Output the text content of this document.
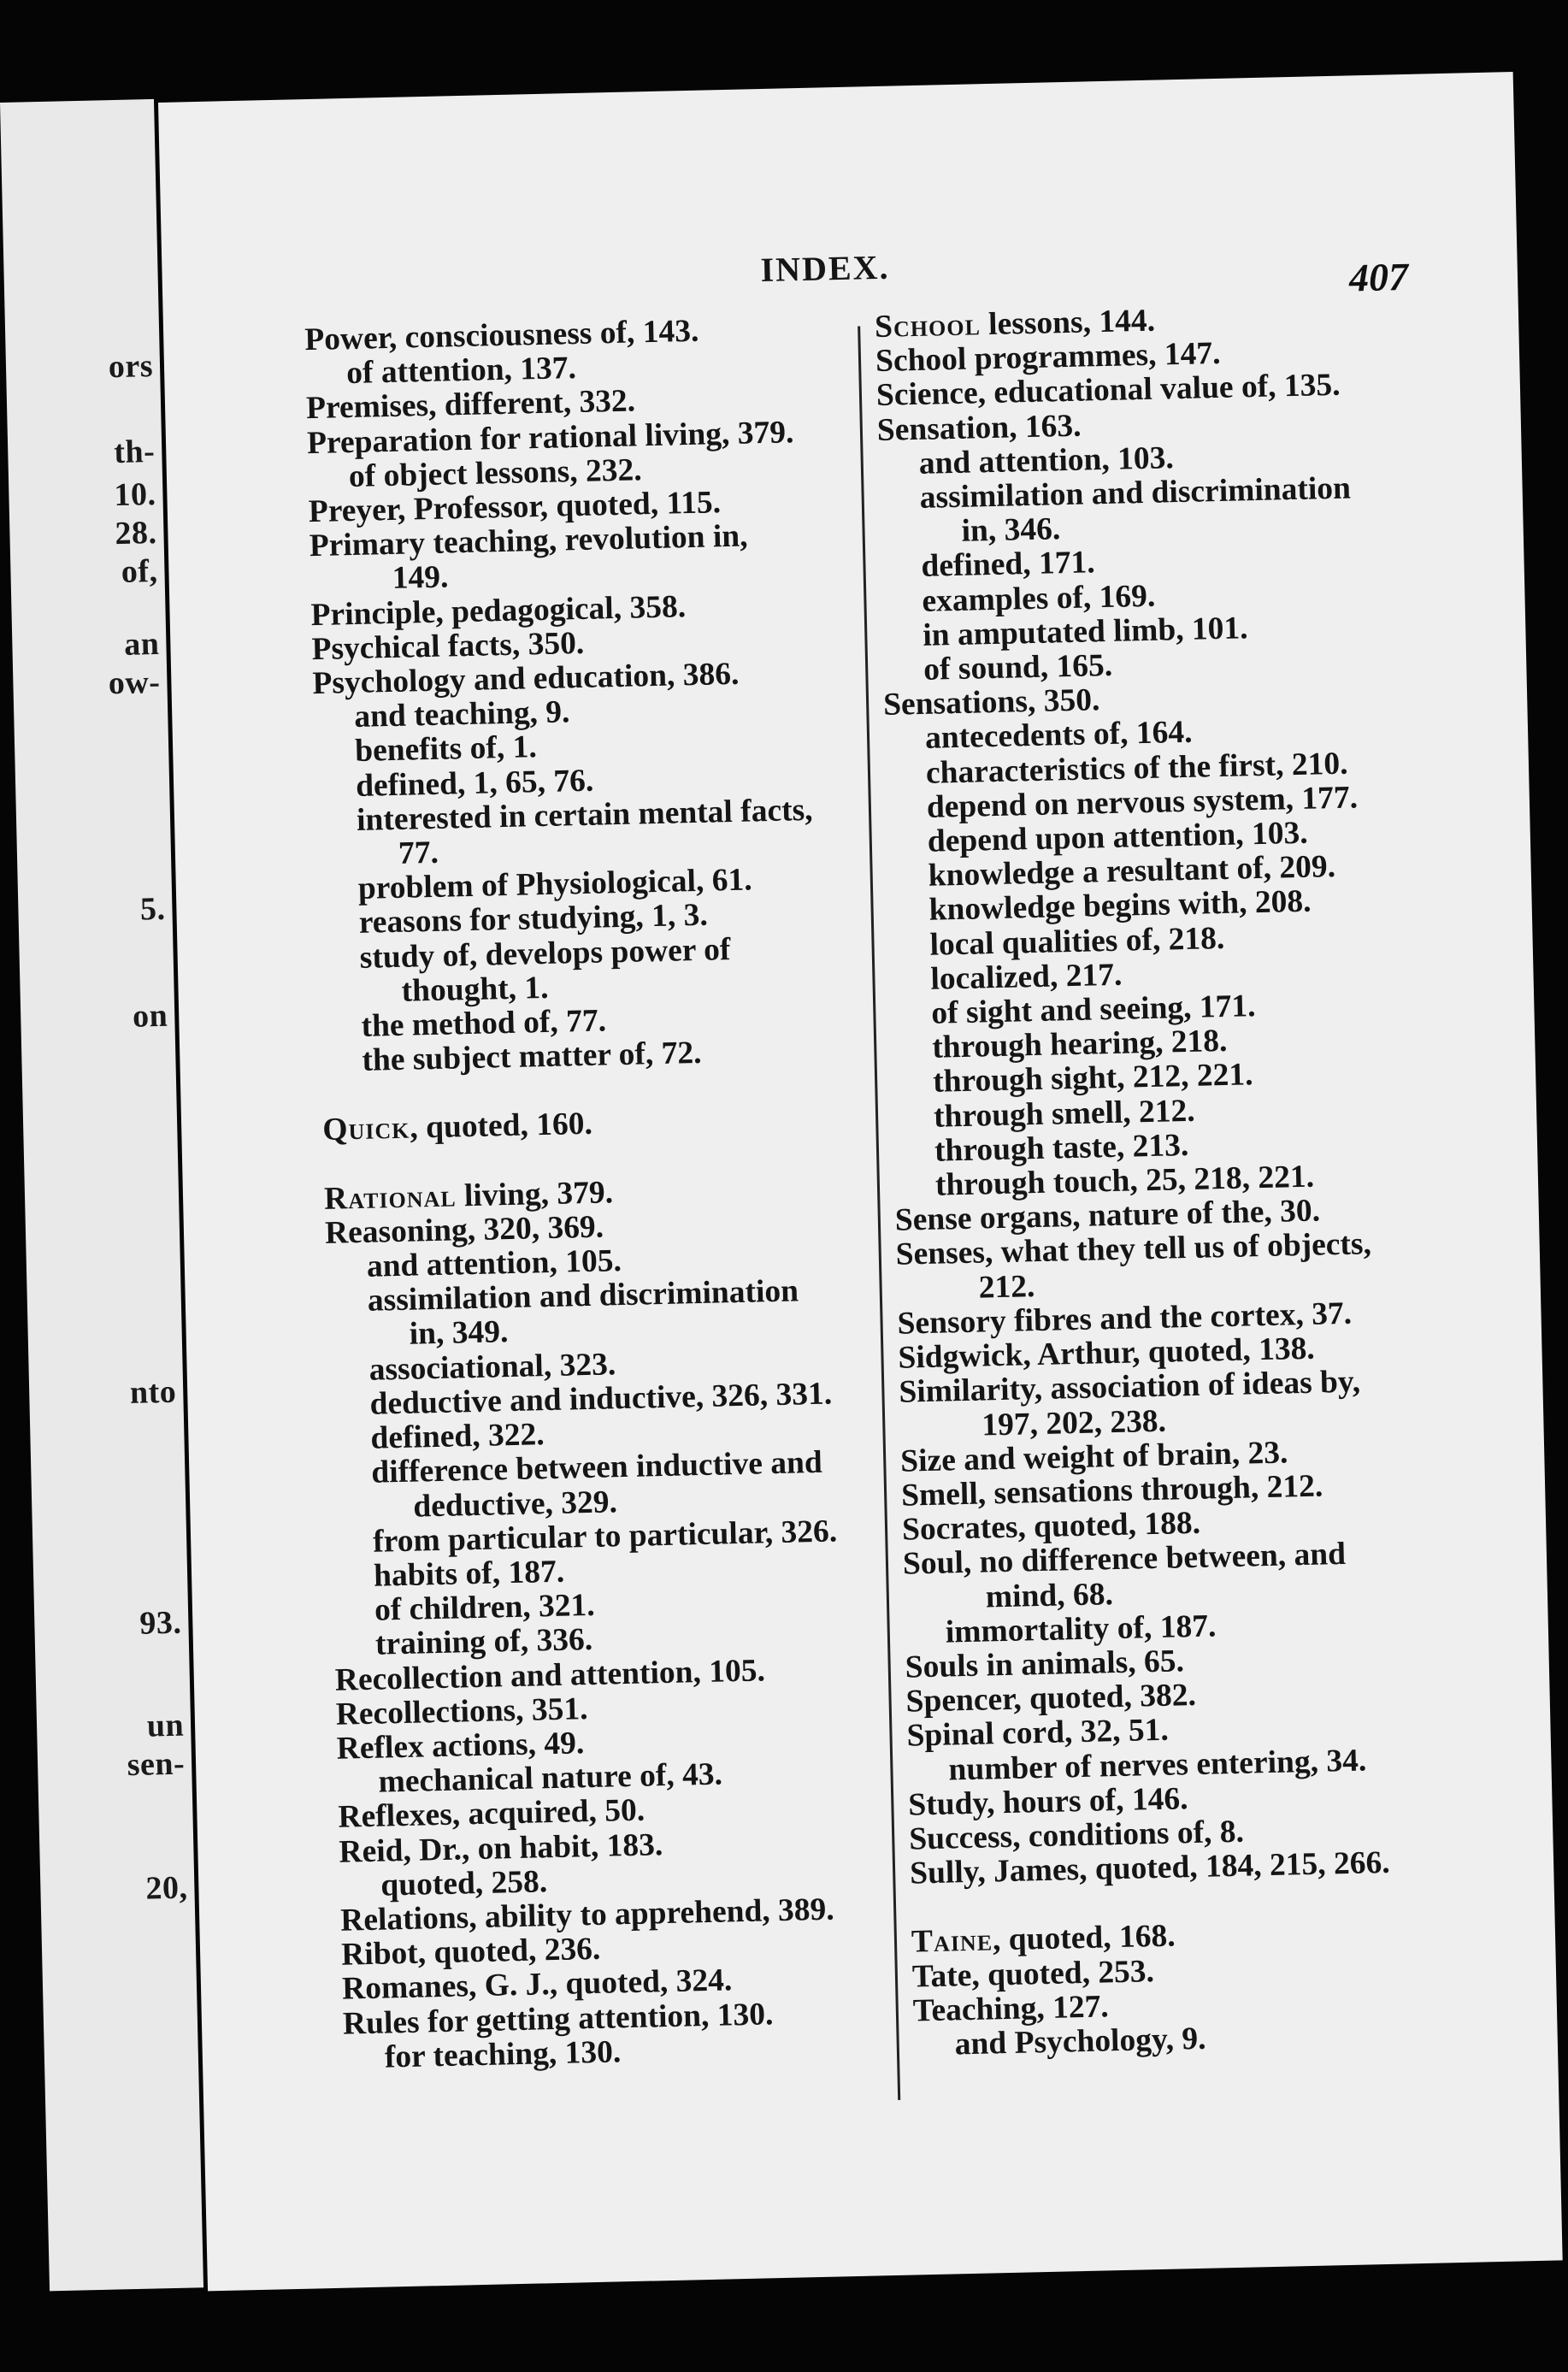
ors
th-
10.
28.
of,
an
ow-
5.
on
nto
93.
un
sen-
20,
INDEX.	407
Power, consciousness of, 143.
of attention, 137.
Premises, different, 332.
Preparation for rational living, 379.
of object lessons, 232.
Preyer, Professor, quoted, 115.
Primary teaching, revolution in,
149.
Principle, pedagogical, 358.
Psychical facts, 350.
Psychology and education, 386.
and teaching, 9.
benefits of, 1.
defined, 1, 65, 76.
interested in certain mental facts,
77.
problem of Physiological, 61.
reasons for studying, 1, 3.
study of, develops power of
thought, 1.
the method of, 77.
the subject matter of, 72.
Quick, quoted, 160.
Rational living, 379.
Reasoning, 320, 369.
and attention, 105.
assimilation and discrimination
in, 349.
associational, 323.
deductive and inductive, 326, 331.
defined, 322.
difference between inductive and
deductive, 329.
from particular to particular, 326.
habits of, 187.
of children, 321.
training of, 336.
Recollection and attention, 105.
Recollections, 351.
Reflex actions, 49.
mechanical nature of, 43.
Reflexes, acquired, 50.
Reid, Dr., on habit, 183.
quoted, 258.
Relations, ability to apprehend, 389.
Ribot, quoted, 236.
Romanes, G. J., quoted, 324.
Rules for getting attention, 130.
for teaching, 130.
School lessons, 144.
School programmes, 147.
Science, educational value of, 135.
Sensation, 163.
and attention, 103.
assimilation and discrimination
in, 346.
defined, 171.
examples of, 169.
in amputated limb, 101.
of sound, 165.
Sensations, 350.
antecedents of, 164.
characteristics of the first, 210.
depend on nervous system, 177.
depend upon attention, 103.
knowledge a resultant of, 209.
knowledge begins with, 208.
local qualities of, 218.
localized, 217.
of sight and seeing, 171.
through hearing, 218.
through sight, 212, 221.
through smell, 212.
through taste, 213.
through touch, 25, 218, 221.
Sense organs, nature of the, 30.
Senses, what they tell us of objects,
212.
Sensory fibres and the cortex, 37.
Sidgwick, Arthur, quoted, 138.
Similarity, association of ideas by,
197, 202, 238.
Size and weight of brain, 23.
Smell, sensations through, 212.
Socrates, quoted, 188.
Soul, no difference between, and
mind, 68.
immortality of, 187.
Souls in animals, 65.
Spencer, quoted, 382.
Spinal cord, 32, 51.
number of nerves entering, 34.
Study, hours of, 146.
Success, conditions of, 8.
Sully, James, quoted, 184, 215, 266.
Taine, quoted, 168.
Tate, quoted, 253.
Teaching, 127.
and Psychology, 9.
